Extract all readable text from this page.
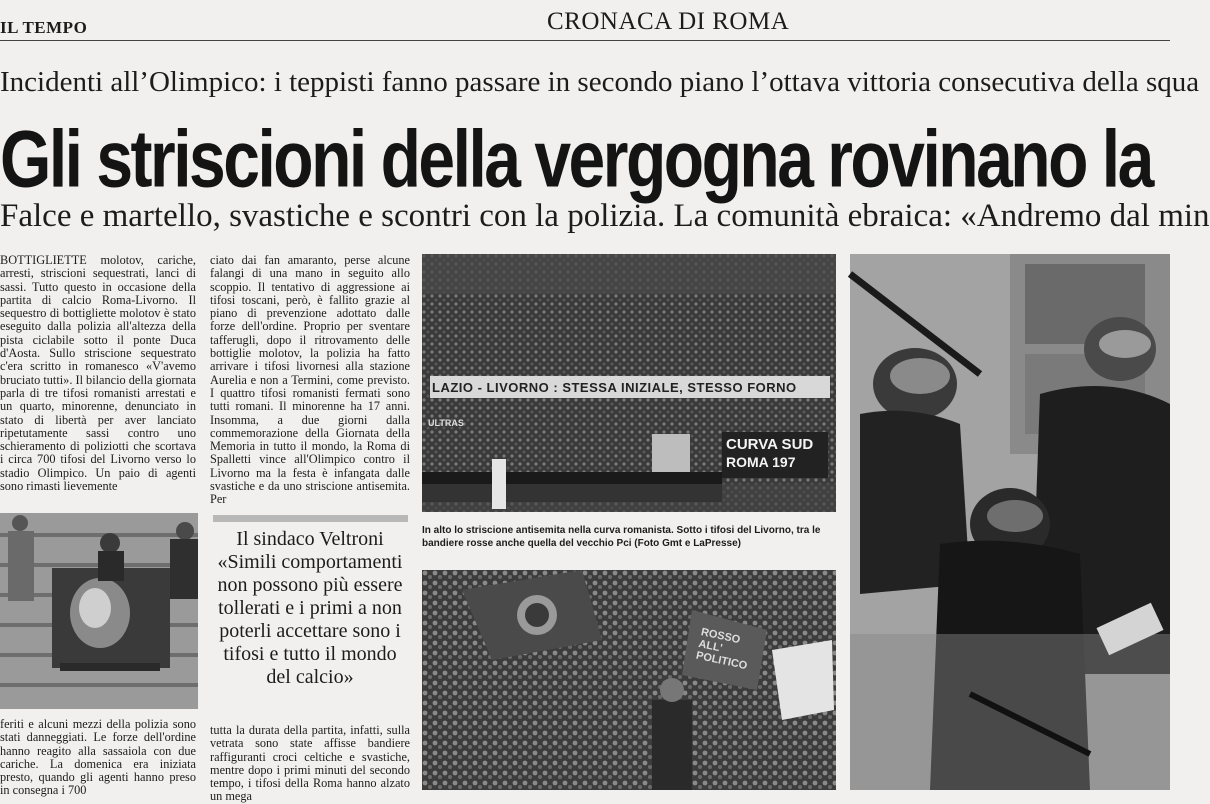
IL TEMPO	CRONACA DI ROMA
Incidenti all’Olimpico: i teppisti fanno passare in secondo piano l’ottava vittoria consecutiva della squa
Gli striscioni della vergogna rovinano la
Falce e martello, svastiche e scontri con la polizia. La comunità ebraica: «Andremo dal min

BOTTIGLIETTE molotov, cariche, arresti, striscioni sequestrati, lanci di sassi. Tutto questo in occasione della partita di calcio Roma-Livorno. Il sequestro di bottigliette molotov è stato eseguito dalla polizia all'altezza della pista ciclabile sotto il ponte Duca d'Aosta. Sullo striscione sequestrato c'era scritto in romanesco «V'avemo bruciato tutti». Il bilancio della giornata parla di tre tifosi romanisti arrestati e un quarto, minorenne, denunciato in stato di libertà per aver lanciato ripetutamente sassi contro uno schieramento di poliziotti che scortava i circa 700 tifosi del Livorno verso lo stadio Olimpico. Un paio di agenti sono rimasti lievemente

feriti e alcuni mezzi della polizia sono stati danneggiati. Le forze dell'ordine hanno reagito alla sassaiola con due cariche. La domenica era iniziata presto, quando gli agenti hanno preso in consegna i 700

ciato dai fan amaranto, perse alcune falangi di una mano in seguito allo scoppio. Il tentativo di aggressione ai tifosi toscani, però, è fallito grazie al piano di prevenzione adottato dalle forze dell'ordine. Proprio per sventare tafferugli, dopo il ritrovamento delle bottiglie molotov, la polizia ha fatto arrivare i tifosi livornesi alla stazione Aurelia e non a Termini, come previsto. I quattro tifosi romanisti fermati sono tutti romani. Il minorenne ha 17 anni. Insomma, a due giorni dalla commemorazione della Giornata della Memoria in tutto il mondo, la Roma di Spalletti vince all'Olimpico contro il Livorno ma la festa è infangata dalle svastiche e da uno striscione antisemita. Per

Il sindaco Veltroni
«Simili comportamenti non possono più essere tollerati e i primi a non poterli accettare sono i tifosi e tutto il mondo del calcio»

tutta la durata della partita, infatti, sulla vetrata sono state affisse bandiere raffiguranti croci celtiche e svastiche, mentre dopo i primi minuti del secondo tempo, i tifosi della Roma hanno alzato un mega

LAZIO - LIVORNO : STESSA INIZIALE, STESSO FORNO
CURVA SUD
ROMA 197
ULTRAS
In alto lo striscione antisemita nella curva romanista. Sotto i tifosi del Livorno, tra le bandiere rosse anche quella del vecchio Pci (Foto Gmt e LaPresse)
ROSSO ALL' POLITICO
